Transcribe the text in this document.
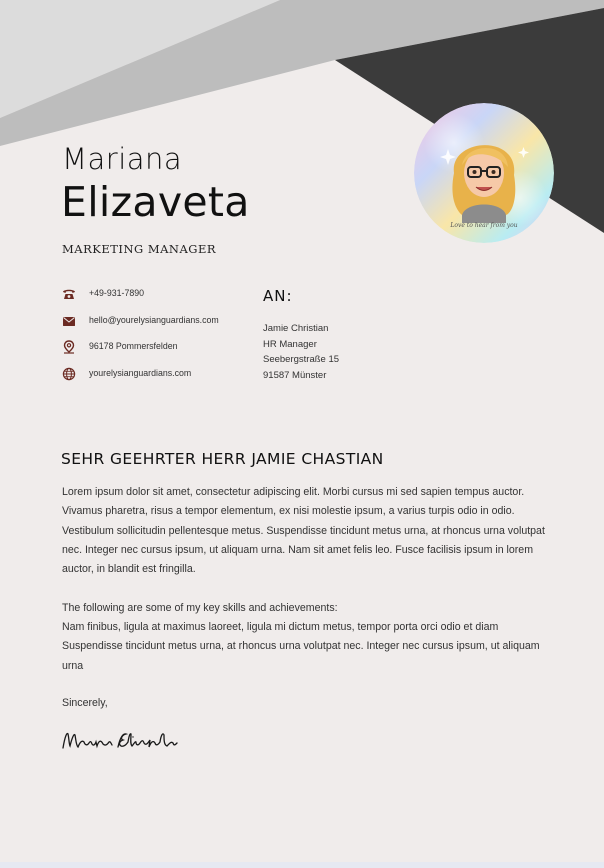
Mariana
Elizaveta
MARKETING MANAGER
Love to hear from you
+49-931-7890
hello@yourelysianguardians.com
96178 Pommersfelden
yourelysianguardians.com
AN:
Jamie Christian
HR Manager
Seebergstraße 15
91587 Münster
SEHR GEEHRTER HERR JAMIE CHASTIAN

Lorem ipsum dolor sit amet, consectetur adipiscing elit. Morbi cursus mi sed sapien tempus auctor. Vivamus pharetra, risus a tempor elementum, ex nisi molestie ipsum, a varius turpis odio in odio. Vestibulum sollicitudin pellentesque metus. Suspendisse tincidunt metus urna, at rhoncus urna volutpat nec. Integer nec cursus ipsum, ut aliquam urna. Nam sit amet felis leo. Fusce facilisis ipsum in lorem auctor, in blandit est fringilla.

The following are some of my key skills and achievements:

Nam finibus, ligula at maximus laoreet, ligula mi dictum metus, tempor porta orci odio et diam Suspendisse tincidunt metus urna, at rhoncus urna volutpat nec. Integer nec cursus ipsum, ut aliquam urna

Sincerely,
